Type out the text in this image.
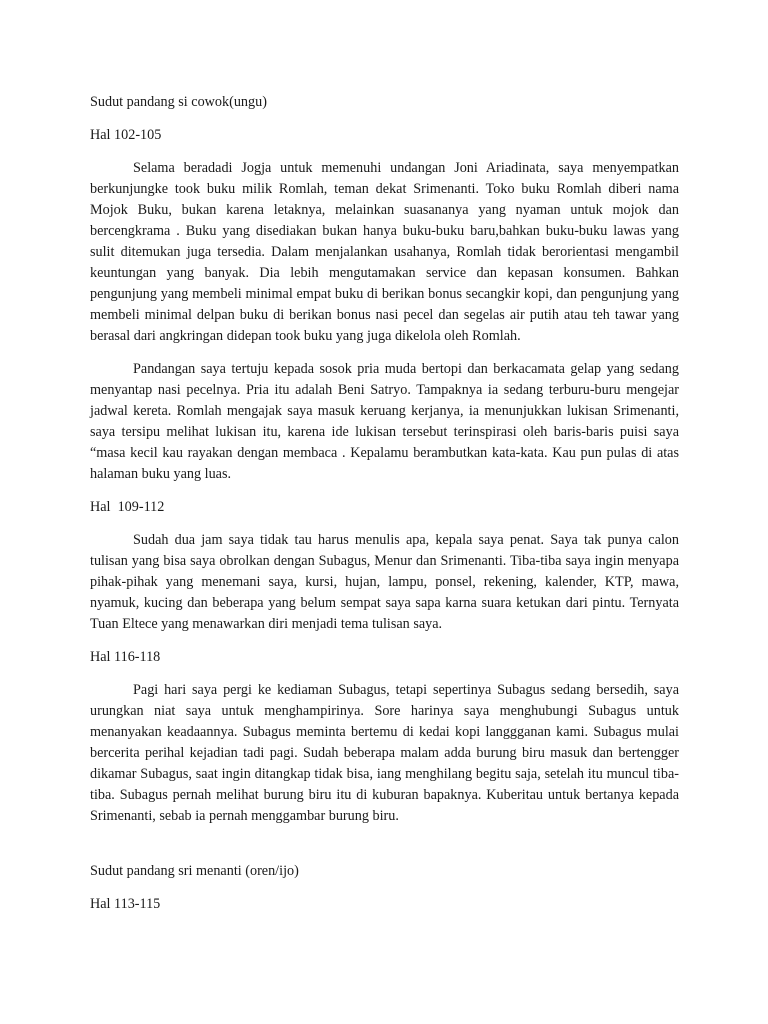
Sudut pandang si cowok(ungu)

Hal 102-105

Selama beradadi Jogja untuk memenuhi undangan Joni Ariadinata, saya menyempatkan berkunjungke took buku milik Romlah, teman dekat Srimenanti. Toko buku Romlah diberi nama Mojok Buku, bukan karena letaknya, melainkan suasananya yang nyaman untuk mojok dan bercengkrama . Buku yang disediakan bukan hanya buku-buku baru,bahkan buku-buku lawas yang sulit ditemukan juga tersedia. Dalam menjalankan usahanya, Romlah tidak berorientasi mengambil keuntungan yang banyak. Dia lebih mengutamakan service dan kepasan konsumen. Bahkan pengunjung yang membeli minimal empat buku di berikan bonus secangkir kopi, dan pengunjung yang membeli minimal delpan buku di berikan bonus nasi pecel dan segelas air putih atau teh tawar yang berasal dari angkringan didepan took buku yang juga dikelola oleh Romlah.

Pandangan saya tertuju kepada sosok pria muda bertopi dan berkacamata gelap yang sedang menyantap nasi pecelnya. Pria itu adalah Beni Satryo. Tampaknya ia sedang terburu-buru mengejar jadwal kereta. Romlah mengajak saya masuk keruang kerjanya, ia menunjukkan lukisan Srimenanti, saya tersipu melihat lukisan itu, karena ide lukisan tersebut terinspirasi oleh baris-baris puisi saya “masa kecil kau rayakan dengan membaca . Kepalamu berambutkan kata-kata. Kau pun pulas di atas halaman buku yang luas.

Hal  109-112

Sudah dua jam saya tidak tau harus menulis apa, kepala saya penat. Saya tak punya calon tulisan yang bisa saya obrolkan dengan Subagus, Menur dan Srimenanti. Tiba-tiba saya ingin menyapa pihak-pihak yang menemani saya, kursi, hujan, lampu, ponsel, rekening, kalender, KTP, mawa, nyamuk, kucing dan beberapa yang belum sempat saya sapa karna suara ketukan dari pintu. Ternyata Tuan Eltece yang menawarkan diri menjadi tema tulisan saya.

Hal 116-118

Pagi hari saya pergi ke kediaman Subagus, tetapi sepertinya Subagus sedang bersedih, saya urungkan niat saya untuk menghampirinya. Sore harinya saya menghubungi Subagus untuk menanyakan keadaannya. Subagus meminta bertemu di kedai kopi langgganan kami. Subagus mulai bercerita perihal kejadian tadi pagi. Sudah beberapa malam adda burung biru masuk dan bertengger dikamar Subagus, saat ingin ditangkap tidak bisa, iang menghilang begitu saja, setelah itu muncul tiba-tiba. Subagus pernah melihat burung biru itu di kuburan bapaknya. Kuberitau untuk bertanya kepada Srimenanti, sebab ia pernah menggambar burung biru.

Sudut pandang sri menanti (oren/ijo)

Hal 113-115
